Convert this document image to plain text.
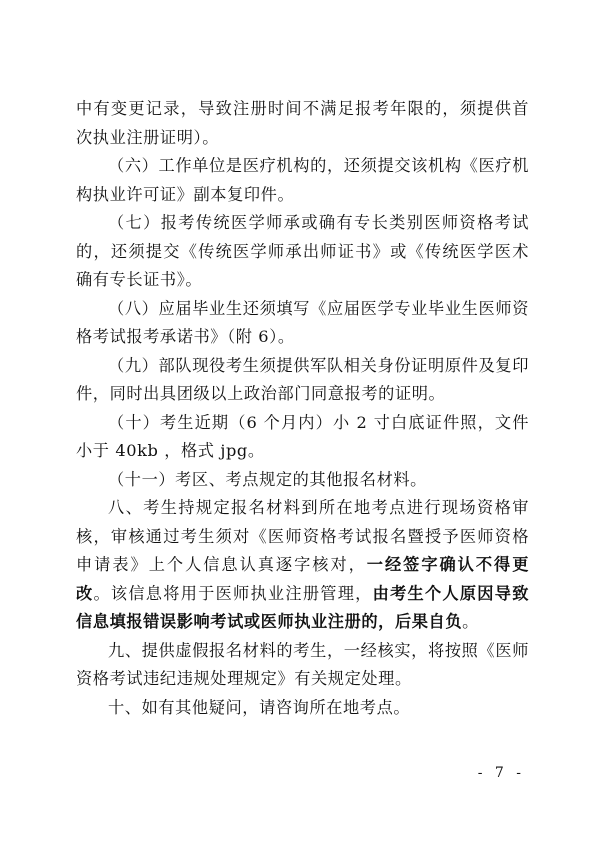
中有变更记录，导致注册时间不满足报考年限的，须提供首次执业注册证明）。

（六）工作单位是医疗机构的，还须提交该机构《医疗机构执业许可证》副本复印件。

（七）报考传统医学师承或确有专长类别医师资格考试的，还须提交《传统医学师承出师证书》或《传统医学医术确有专长证书》。

（八）应届毕业生还须填写《应届医学专业毕业生医师资格考试报考承诺书》（附 6）。

（九）部队现役考生须提供军队相关身份证明原件及复印件，同时出具团级以上政治部门同意报考的证明。

（十）考生近期（6 个月内）小 2 寸白底证件照，文件小于 40kb ，格式 jpg。

（十一）考区、考点规定的其他报名材料。

八、考生持规定报名材料到所在地考点进行现场资格审核，审核通过考生须对《医师资格考试报名暨授予医师资格申请表》上个人信息认真逐字核对，一经签字确认不得更改。该信息将用于医师执业注册管理，由考生个人原因导致信息填报错误影响考试或医师执业注册的，后果自负。

九、提供虚假报名材料的考生，一经核实，将按照《医师资格考试违纪违规处理规定》有关规定处理。

十、如有其他疑问，请咨询所在地考点。

- 7 -
